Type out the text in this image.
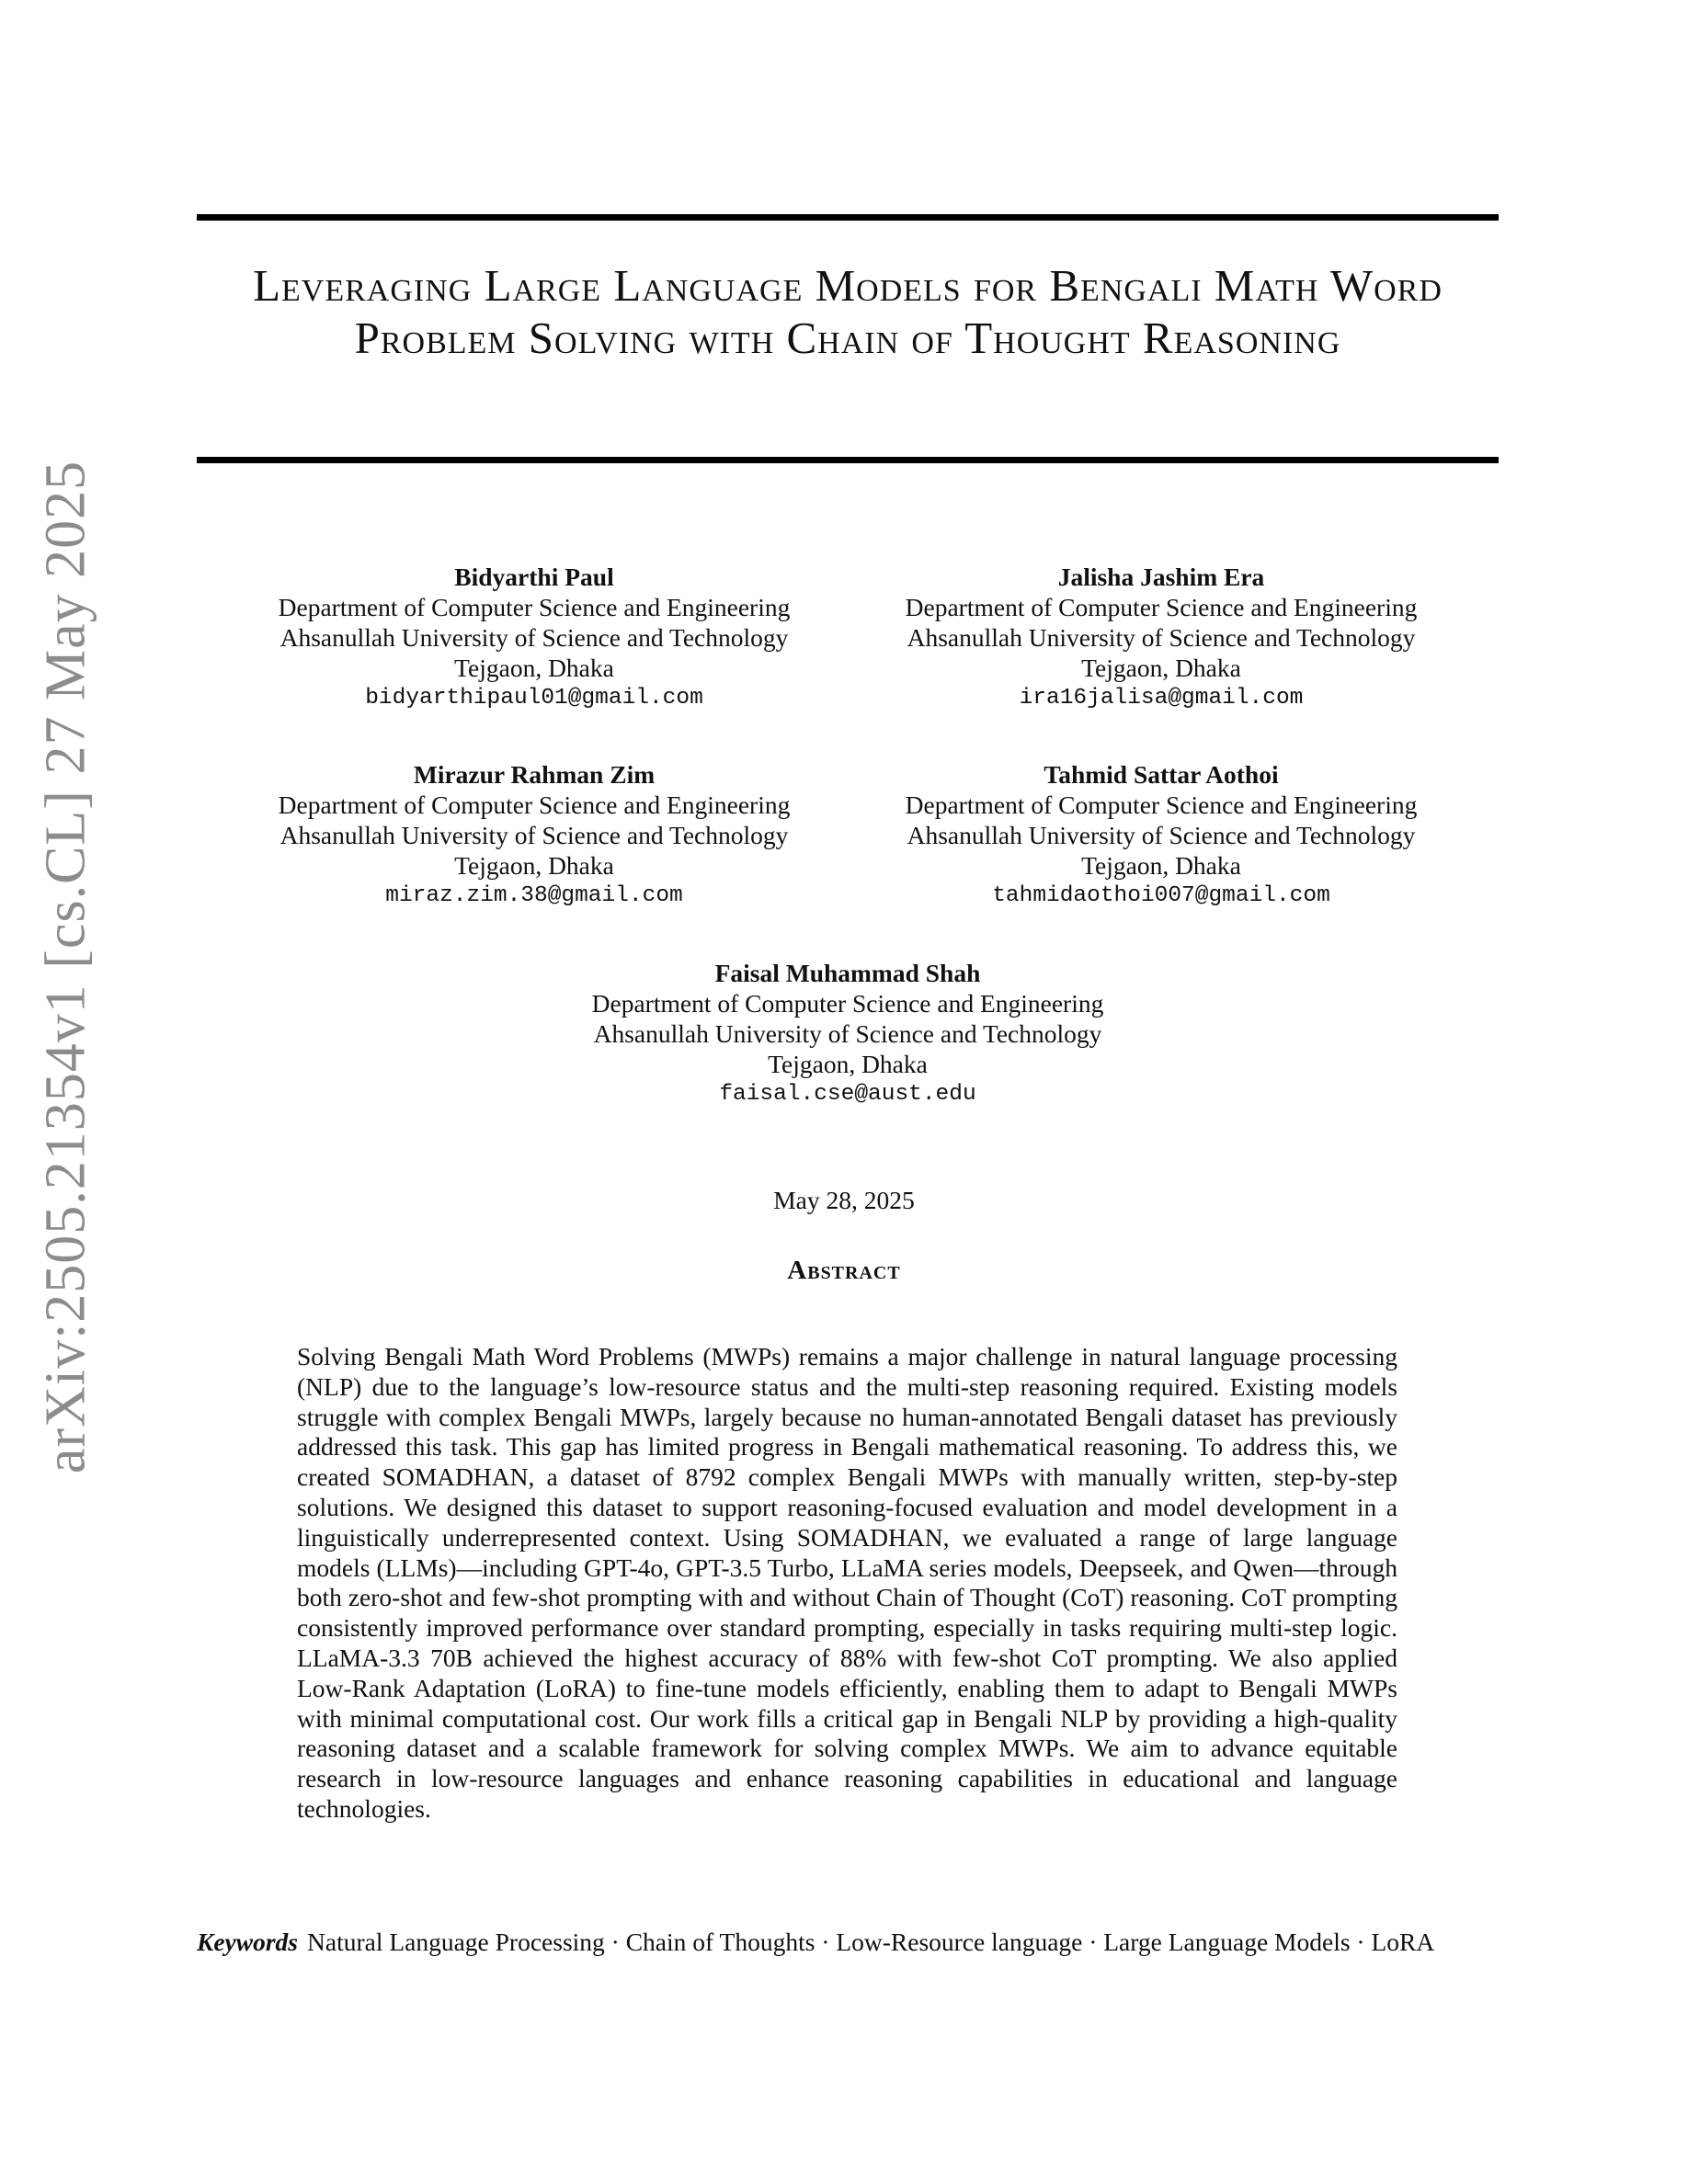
arXiv:2505.21354v1 [cs.CL] 27 May 2025
Leveraging Large Language Models for Bengali Math Word Problem Solving with Chain of Thought Reasoning
Bidyarthi Paul
Department of Computer Science and Engineering
Ahsanullah University of Science and Technology
Tejgaon, Dhaka
bidyarthipaul01@gmail.com
Jalisha Jashim Era
Department of Computer Science and Engineering
Ahsanullah University of Science and Technology
Tejgaon, Dhaka
ira16jalisa@gmail.com
Mirazur Rahman Zim
Department of Computer Science and Engineering
Ahsanullah University of Science and Technology
Tejgaon, Dhaka
miraz.zim.38@gmail.com
Tahmid Sattar Aothoi
Department of Computer Science and Engineering
Ahsanullah University of Science and Technology
Tejgaon, Dhaka
tahmidaothoi007@gmail.com
Faisal Muhammad Shah
Department of Computer Science and Engineering
Ahsanullah University of Science and Technology
Tejgaon, Dhaka
faisal.cse@aust.edu
May 28, 2025
Abstract

Solving Bengali Math Word Problems (MWPs) remains a major challenge in natural language processing (NLP) due to the language’s low-resource status and the multi-step reasoning required. Existing models struggle with complex Bengali MWPs, largely because no human-annotated Bengali dataset has previously addressed this task. This gap has limited progress in Bengali mathematical reasoning. To address this, we created SOMADHAN, a dataset of 8792 complex Bengali MWPs with manually written, step-by-step solutions. We designed this dataset to support reasoning-focused evaluation and model development in a linguistically underrepresented context. Using SOMADHAN, we evaluated a range of large language models (LLMs)—including GPT-4o, GPT-3.5 Turbo, LLaMA series models, Deepseek, and Qwen—through both zero-shot and few-shot prompting with and without Chain of Thought (CoT) reasoning. CoT prompting consistently improved performance over standard prompting, especially in tasks requiring multi-step logic. LLaMA-3.3 70B achieved the highest accuracy of 88% with few-shot CoT prompting. We also applied Low-Rank Adaptation (LoRA) to fine-tune models efficiently, enabling them to adapt to Bengali MWPs with minimal computational cost. Our work fills a critical gap in Bengali NLP by providing a high-quality reasoning dataset and a scalable framework for solving complex MWPs. We aim to advance equitable research in low-resource languages and enhance reasoning capabilities in educational and language technologies.

Keywords Natural Language Processing · Chain of Thoughts · Low-Resource language · Large Language Models · LoRA
